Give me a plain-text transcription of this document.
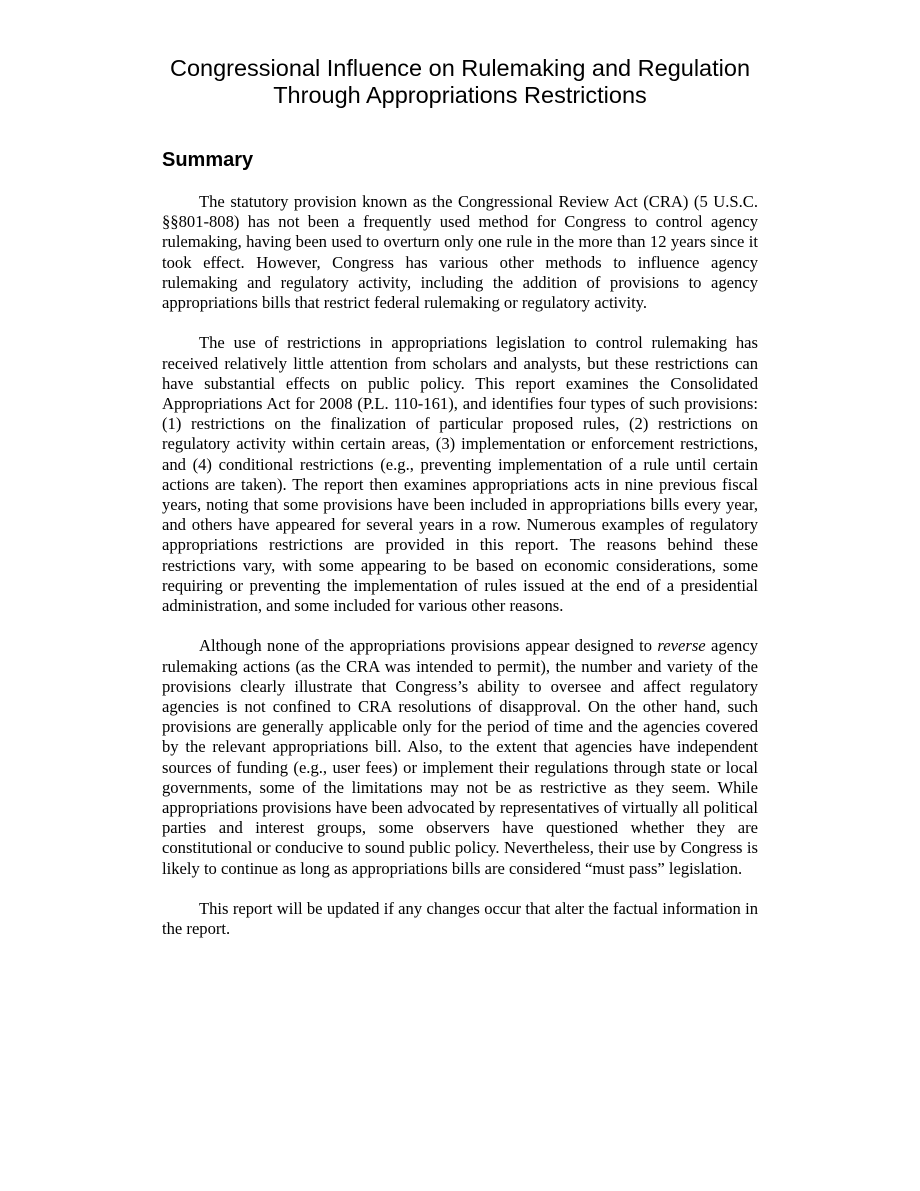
Congressional Influence on Rulemaking and Regulation
Through Appropriations Restrictions
Summary

The statutory provision known as the Congressional Review Act (CRA) (5 U.S.C. §§801-808) has not been a frequently used method for Congress to control agency rulemaking, having been used to overturn only one rule in the more than 12 years since it took effect. However, Congress has various other methods to influence agency rulemaking and regulatory activity, including the addition of provisions to agency appropriations bills that restrict federal rulemaking or regulatory activity.

The use of restrictions in appropriations legislation to control rulemaking has received relatively little attention from scholars and analysts, but these restrictions can have substantial effects on public policy. This report examines the Consolidated Appropriations Act for 2008 (P.L. 110-161), and identifies four types of such provisions: (1) restrictions on the finalization of particular proposed rules, (2) restrictions on regulatory activity within certain areas, (3) implementation or enforcement restrictions, and (4) conditional restrictions (e.g., preventing implementation of a rule until certain actions are taken). The report then examines appropriations acts in nine previous fiscal years, noting that some provisions have been included in appropriations bills every year, and others have appeared for several years in a row. Numerous examples of regulatory appropriations restrictions are provided in this report. The reasons behind these restrictions vary, with some appearing to be based on economic considerations, some requiring or preventing the implementation of rules issued at the end of a presidential administration, and some included for various other reasons.

Although none of the appropriations provisions appear designed to reverse agency rulemaking actions (as the CRA was intended to permit), the number and variety of the provisions clearly illustrate that Congress’s ability to oversee and affect regulatory agencies is not confined to CRA resolutions of disapproval. On the other hand, such provisions are generally applicable only for the period of time and the agencies covered by the relevant appropriations bill. Also, to the extent that agencies have independent sources of funding (e.g., user fees) or implement their regulations through state or local governments, some of the limitations may not be as restrictive as they seem. While appropriations provisions have been advocated by representatives of virtually all political parties and interest groups, some observers have questioned whether they are constitutional or conducive to sound public policy. Nevertheless, their use by Congress is likely to continue as long as appropriations bills are considered “must pass” legislation.

This report will be updated if any changes occur that alter the factual information in the report.
